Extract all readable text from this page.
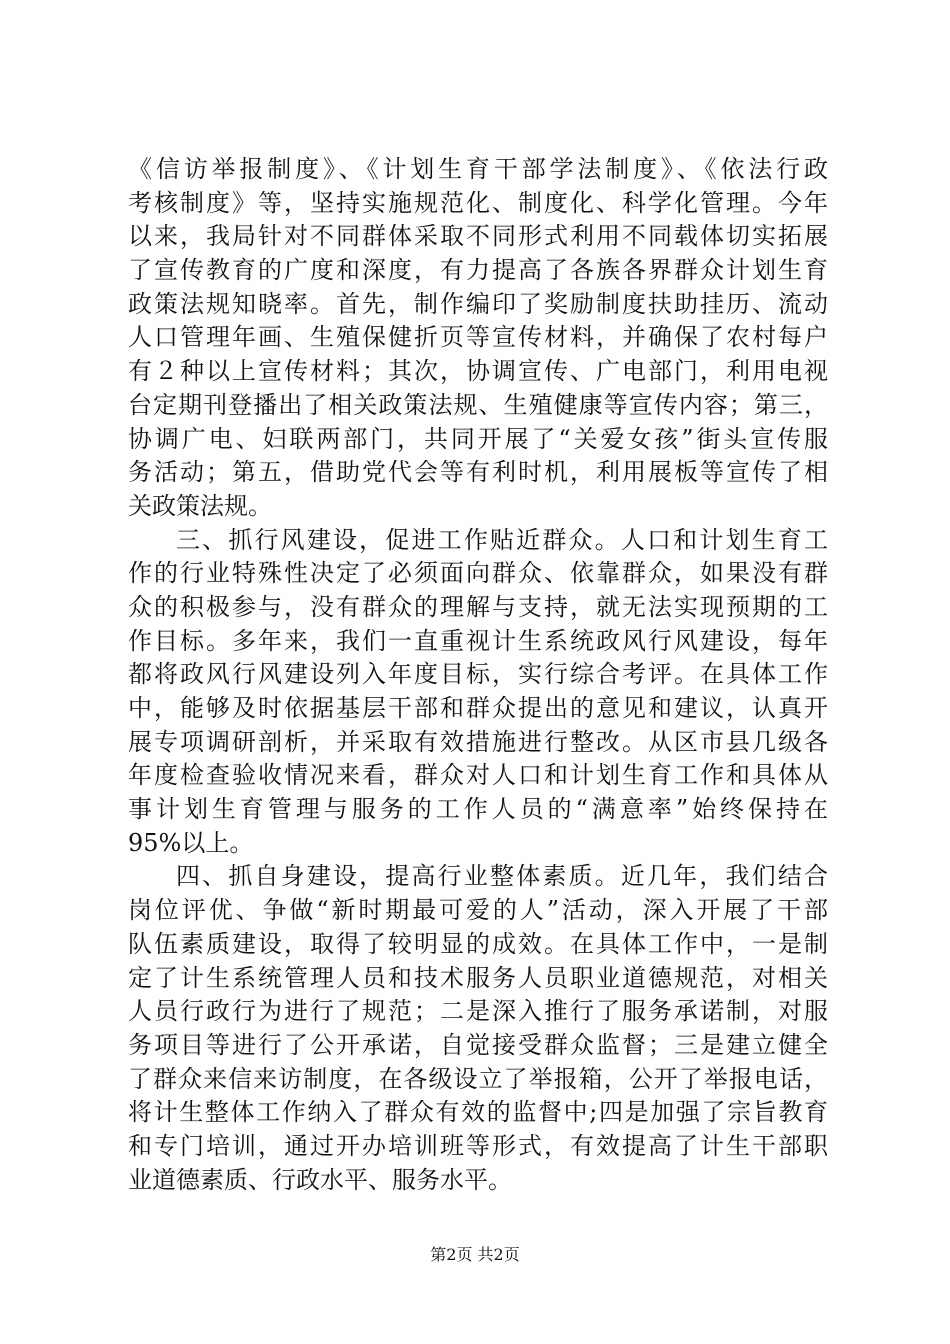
《信访举报制度》、《计划生育干部学法制度》、《依法行政
考核制度》等，坚持实施规范化、制度化、科学化管理。今年
以来，我局针对不同群体采取不同形式利用不同载体切实拓展
了宣传教育的广度和深度，有力提高了各族各界群众计划生育
政策法规知晓率。首先，制作编印了奖励制度扶助挂历、流动
人口管理年画、生殖保健折页等宣传材料，并确保了农村每户
有２种以上宣传材料；其次，协调宣传、广电部门，利用电视
台定期刊登播出了相关政策法规、生殖健康等宣传内容；第三，
协调广电、妇联两部门，共同开展了“关爱女孩”街头宣传服
务活动；第五，借助党代会等有利时机，利用展板等宣传了相
关政策法规。
三、抓行风建设，促进工作贴近群众。人口和计划生育工
作的行业特殊性决定了必须面向群众、依靠群众，如果没有群
众的积极参与，没有群众的理解与支持，就无法实现预期的工
作目标。多年来，我们一直重视计生系统政风行风建设，每年
都将政风行风建设列入年度目标，实行综合考评。在具体工作
中，能够及时依据基层干部和群众提出的意见和建议，认真开
展专项调研剖析，并采取有效措施进行整改。从区市县几级各
年度检查验收情况来看，群众对人口和计划生育工作和具体从
事计划生育管理与服务的工作人员的“满意率”始终保持在
95%以上。
四、抓自身建设，提高行业整体素质。近几年，我们结合
岗位评优、争做“新时期最可爱的人”活动，深入开展了干部
队伍素质建设，取得了较明显的成效。在具体工作中，一是制
定了计生系统管理人员和技术服务人员职业道德规范，对相关
人员行政行为进行了规范；二是深入推行了服务承诺制，对服
务项目等进行了公开承诺，自觉接受群众监督；三是建立健全
了群众来信来访制度，在各级设立了举报箱，公开了举报电话，
将计生整体工作纳入了群众有效的监督中;四是加强了宗旨教育
和专门培训，通过开办培训班等形式，有效提高了计生干部职
业道德素质、行政水平、服务水平。
第2页 共2页
